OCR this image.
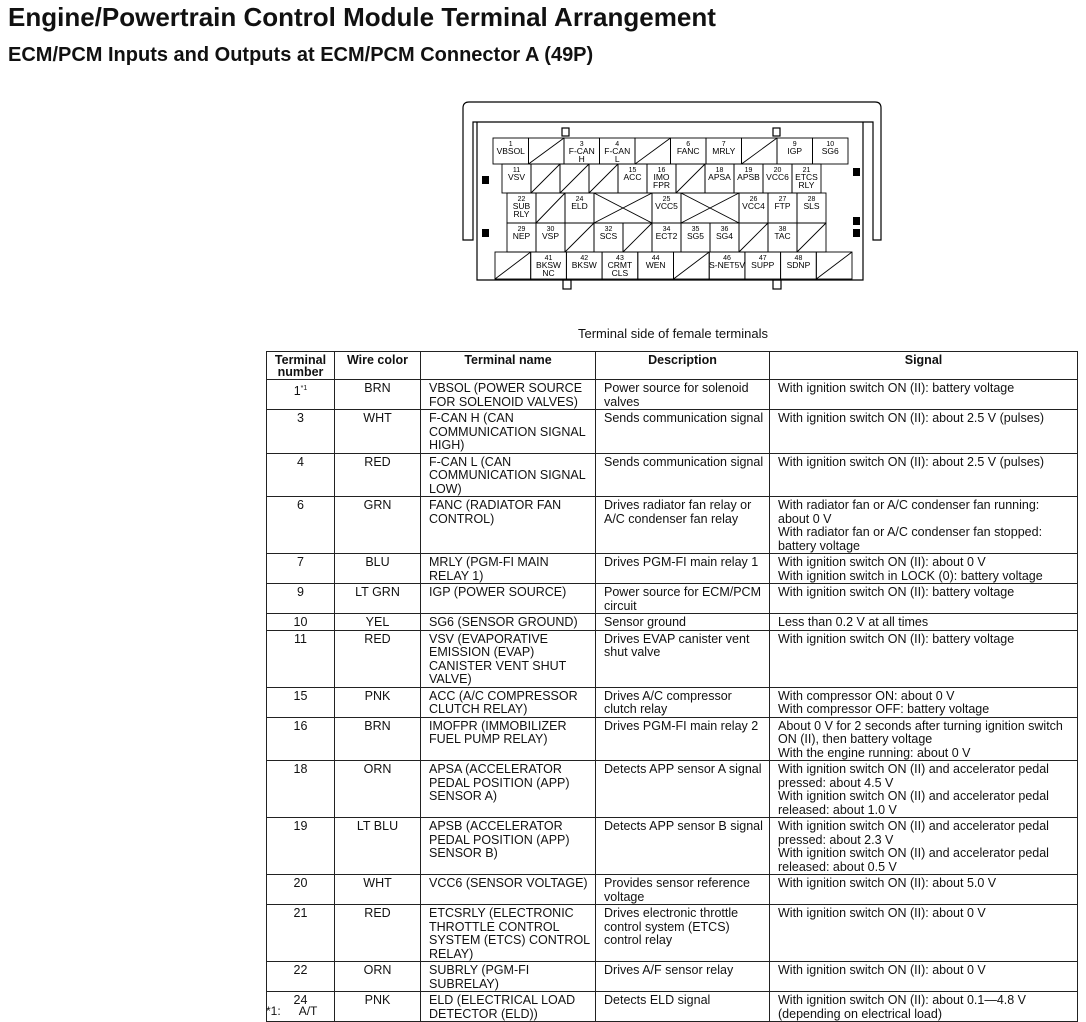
Engine/Powertrain Control Module Terminal Arrangement
ECM/PCM Inputs and Outputs at ECM/PCM Connector A (49P)
1
VBSOL
3
F-CAN
H
4
F-CAN
L
6
FANC
7
MRLY
9
IGP
10
SG6
11
VSV
15
ACC
16
IMO
FPR
18
APSA
19
APSB
20
VCC6
21
ETCS
RLY
22
SUB
RLY
24
ELD
25
VCC5
26
VCC4
27
FTP
28
SLS
29
NEP
30
VSP
32
SCS
34
ECT2
35
SG5
36
SG4
38
TAC
41
BKSW
NC
42
BKSW
43
CRMT
CLS
44
WEN
46
S-NET5V
47
SUPP
48
SDNP
Terminal side of female terminals
Terminal number	Wire color	Terminal name	Description	Signal
1$^{*1}$	BRN	VBSOL (POWER SOURCE FOR SOLENOID VALVES)	Power source for solenoid valves	With ignition switch ON (II): battery voltage
3	WHT	F-CAN H (CAN COMMUNICATION SIGNAL HIGH)	Sends communication signal	With ignition switch ON (II): about 2.5 V (pulses)
4	RED	F-CAN L (CAN COMMUNICATION SIGNAL LOW)	Sends communication signal	With ignition switch ON (II): about 2.5 V (pulses)
6	GRN	FANC (RADIATOR FAN CONTROL)	Drives radiator fan relay or A/C condenser fan relay	With radiator fan or A/C condenser fan running: about 0 V
With radiator fan or A/C condenser fan stopped: battery voltage
7	BLU	MRLY (PGM-FI MAIN RELAY 1)	Drives PGM-FI main relay 1	With ignition switch ON (II): about 0 V
With ignition switch in LOCK (0): battery voltage
9	LT GRN	IGP (POWER SOURCE)	Power source for ECM/PCM circuit	With ignition switch ON (II): battery voltage
10	YEL	SG6 (SENSOR GROUND)	Sensor ground	Less than 0.2 V at all times
11	RED	VSV (EVAPORATIVE EMISSION (EVAP) CANISTER VENT SHUT VALVE)	Drives EVAP canister vent shut valve	With ignition switch ON (II): battery voltage
15	PNK	ACC (A/C COMPRESSOR CLUTCH RELAY)	Drives A/C compressor clutch relay	With compressor ON: about 0 V
With compressor OFF: battery voltage
16	BRN	IMOFPR (IMMOBILIZER FUEL PUMP RELAY)	Drives PGM-FI main relay 2	About 0 V for 2 seconds after turning ignition switch ON (II), then battery voltage
With the engine running: about 0 V
18	ORN	APSA (ACCELERATOR PEDAL POSITION (APP) SENSOR A)	Detects APP sensor A signal	With ignition switch ON (II) and accelerator pedal pressed: about 4.5 V
With ignition switch ON (II) and accelerator pedal released: about 1.0 V
19	LT BLU	APSB (ACCELERATOR PEDAL POSITION (APP) SENSOR B)	Detects APP sensor B signal	With ignition switch ON (II) and accelerator pedal pressed: about 2.3 V
With ignition switch ON (II) and accelerator pedal released: about 0.5 V
20	WHT	VCC6 (SENSOR VOLTAGE)	Provides sensor reference voltage	With ignition switch ON (II): about 5.0 V
21	RED	ETCSRLY (ELECTRONIC THROTTLE CONTROL SYSTEM (ETCS) CONTROL RELAY)	Drives electronic throttle control system (ETCS) control relay	With ignition switch ON (II): about 0 V
22	ORN	SUBRLY (PGM-FI SUBRELAY)	Drives A/F sensor relay	With ignition switch ON (II): about 0 V
24	PNK	ELD (ELECTRICAL LOAD DETECTOR (ELD))	Detects ELD signal	With ignition switch ON (II): about 0.1—4.8 V
(depending on electrical load)
*1: A/T
